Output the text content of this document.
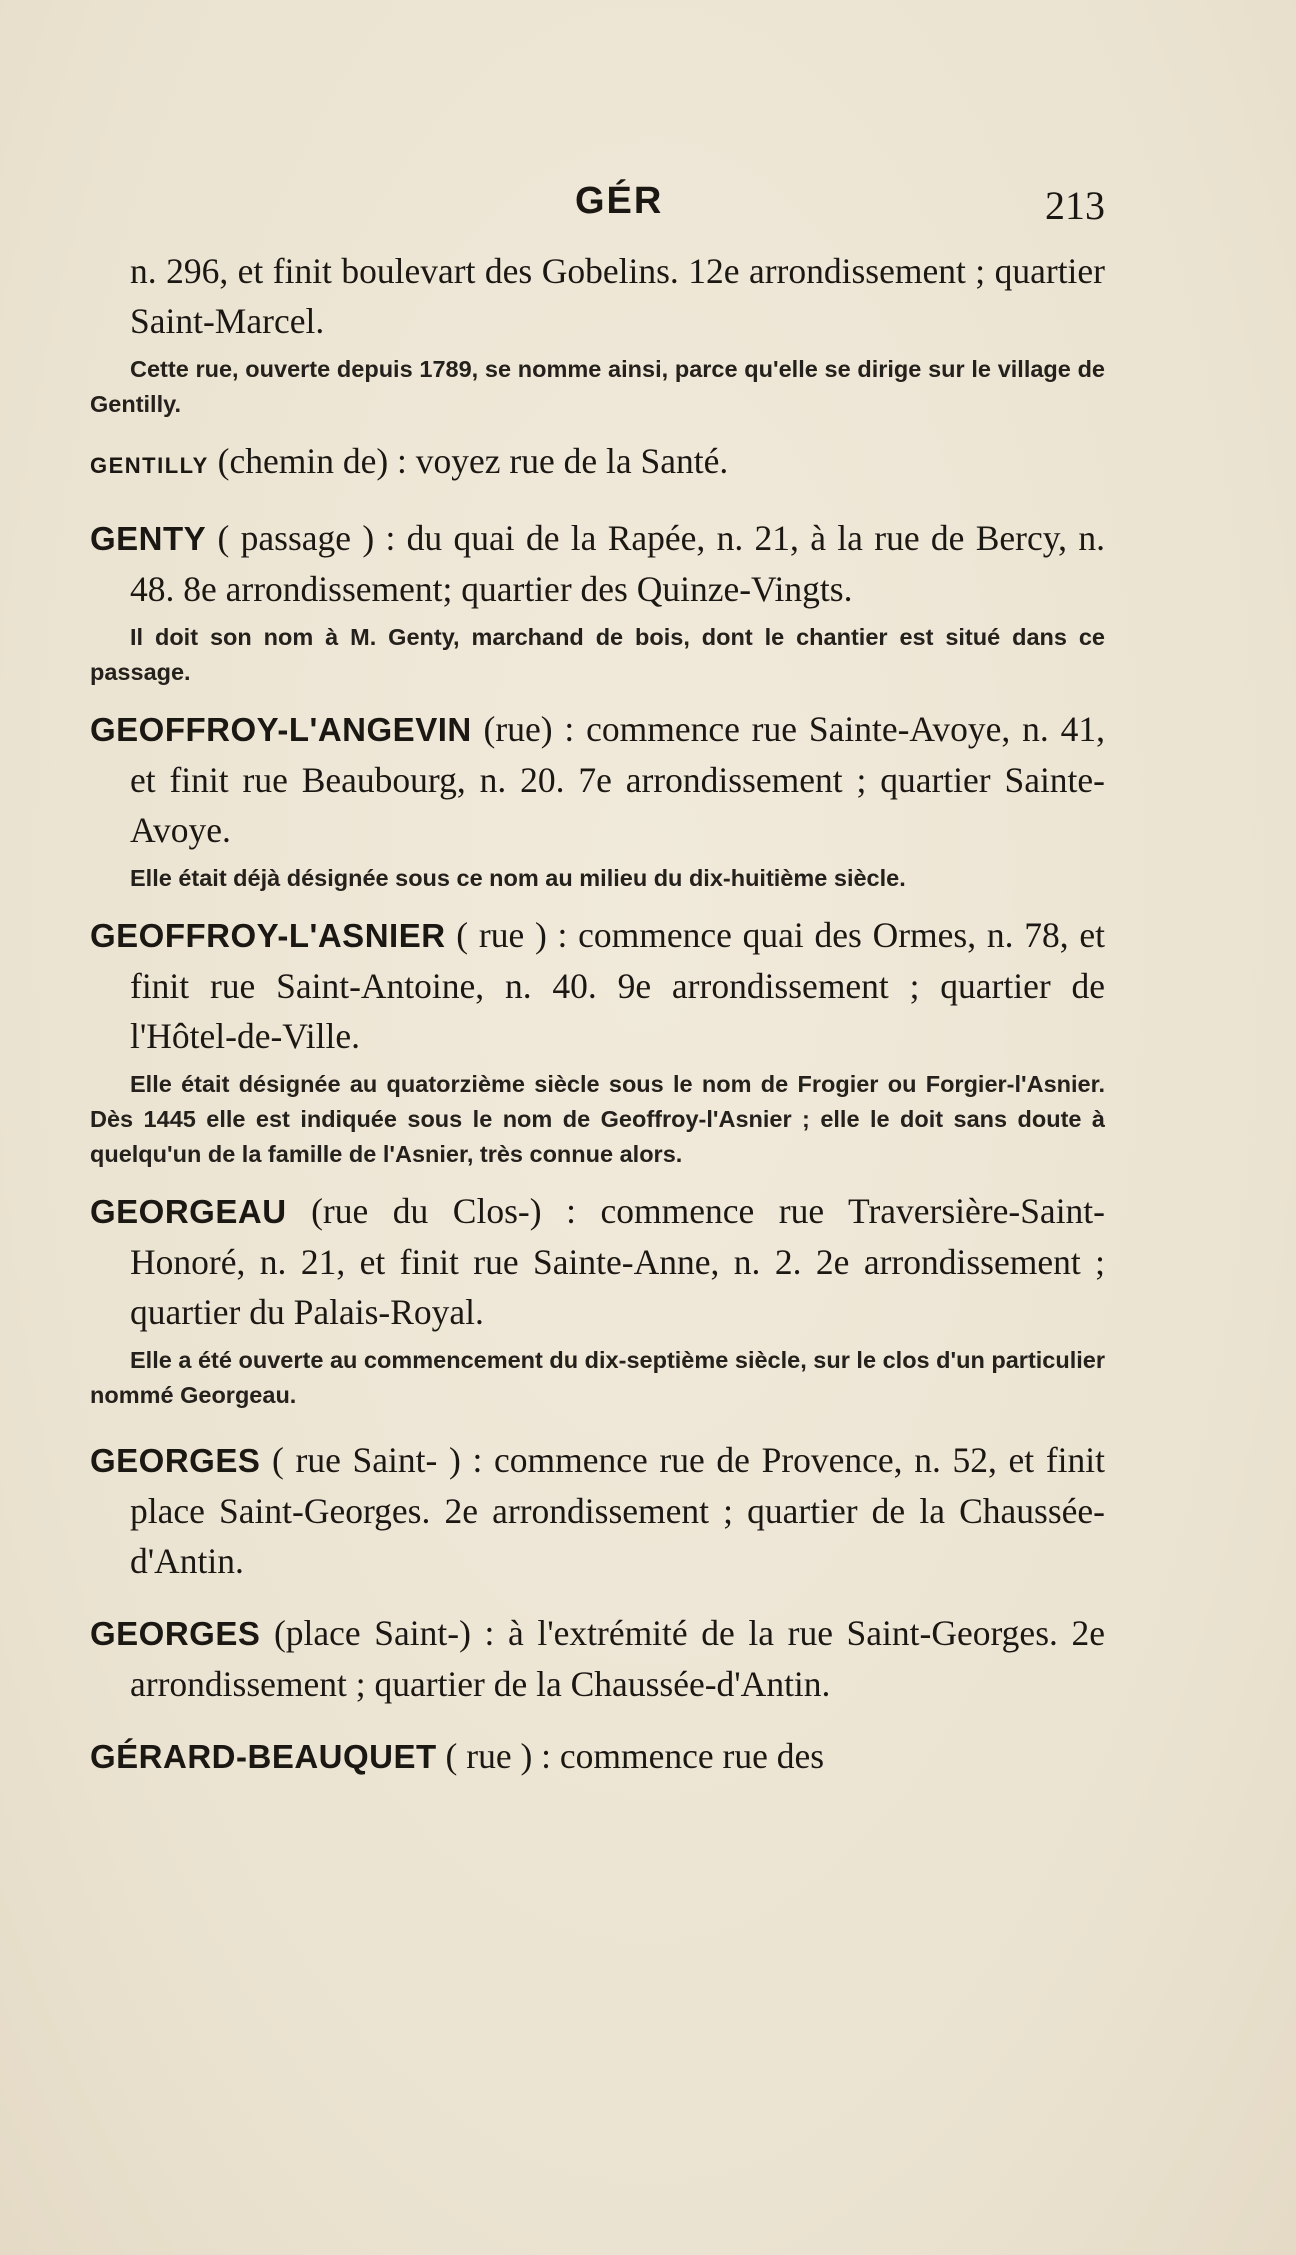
GÉR	213

n. 296, et finit boulevart des Gobelins. 12e arrondissement ; quartier Saint-Marcel.

Cette rue, ouverte depuis 1789, se nomme ainsi, parce qu'elle se dirige sur le village de Gentilly.

GENTILLY (chemin de) : voyez rue de la Santé.

GENTY ( passage ) : du quai de la Rapée, n. 21, à la rue de Bercy, n. 48. 8e arrondissement; quartier des Quinze-Vingts.

Il doit son nom à M. Genty, marchand de bois, dont le chantier est situé dans ce passage.

GEOFFROY-L'ANGEVIN (rue) : commence rue Sainte-Avoye, n. 41, et finit rue Beaubourg, n. 20. 7e arrondissement ; quartier Sainte-Avoye.

Elle était déjà désignée sous ce nom au milieu du dix-huitième siècle.

GEOFFROY-L'ASNIER ( rue ) : commence quai des Ormes, n. 78, et finit rue Saint-Antoine, n. 40. 9e arrondissement ; quartier de l'Hôtel-de-Ville.

Elle était désignée au quatorzième siècle sous le nom de Frogier ou Forgier-l'Asnier. Dès 1445 elle est indiquée sous le nom de Geoffroy-l'Asnier ; elle le doit sans doute à quelqu'un de la famille de l'Asnier, très connue alors.

GEORGEAU (rue du Clos-) : commence rue Traversière-Saint-Honoré, n. 21, et finit rue Sainte-Anne, n. 2. 2e arrondissement ; quartier du Palais-Royal.

Elle a été ouverte au commencement du dix-septième siècle, sur le clos d'un particulier nommé Georgeau.

GEORGES ( rue Saint- ) : commence rue de Provence, n. 52, et finit place Saint-Georges. 2e arrondissement ; quartier de la Chaussée-d'Antin.

GEORGES (place Saint-) : à l'extrémité de la rue Saint-Georges. 2e arrondissement ; quartier de la Chaussée-d'Antin.

GÉRARD-BEAUQUET ( rue ) : commence rue des
